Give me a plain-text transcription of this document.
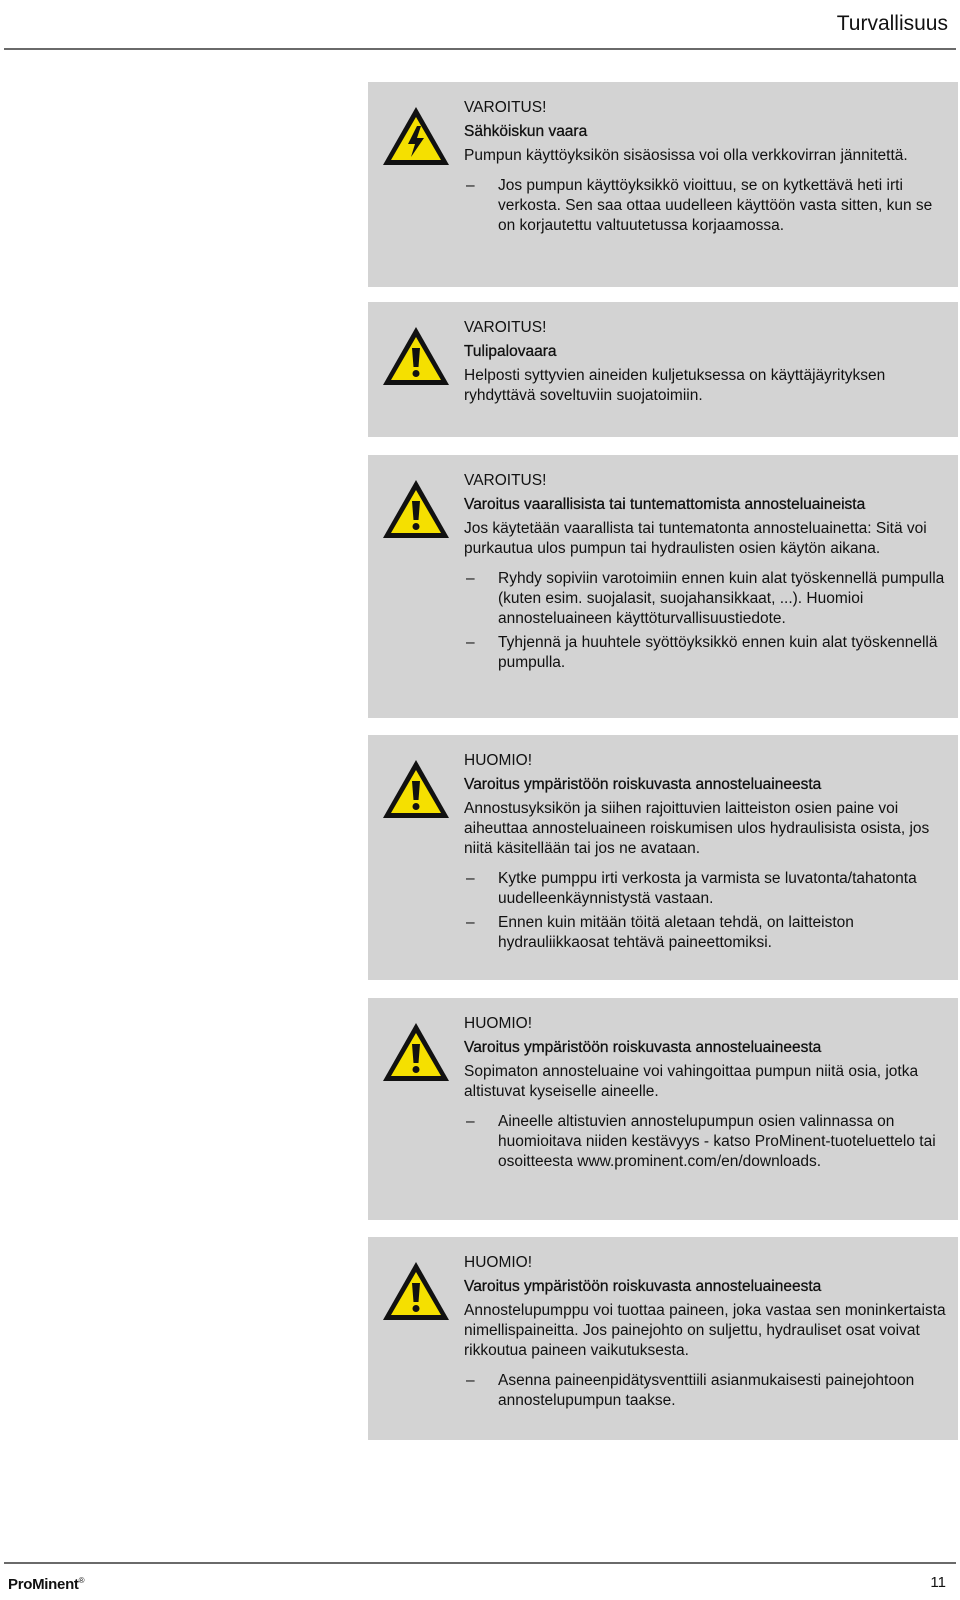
Turvallisuus

VAROITUS!

Sähköiskun vaara

Pumpun käyttöyksikön sisäosissa voi olla verkkovirran jännitettä.

– Jos pumpun käyttöyksikkö vioittuu, se on kytkettävä heti irti verkosta. Sen saa ottaa uudelleen käyttöön vasta sitten, kun se on korjautettu valtuutetussa korjaamossa.

VAROITUS!

Tulipalovaara

Helposti syttyvien aineiden kuljetuksessa on käyttäjäyrityksen ryhdyttävä soveltuviin suojatoimiin.

VAROITUS!

Varoitus vaarallisista tai tuntemattomista annosteluaineista

Jos käytetään vaarallista tai tuntematonta annosteluainetta: Sitä voi purkautua ulos pumpun tai hydraulisten osien käytön aikana.

– Ryhdy sopiviin varotoimiin ennen kuin alat työskennellä pumpulla (kuten esim. suojalasit, suojahansikkaat, ...). Huomioi annosteluaineen käyttöturvallisuustiedote.
– Tyhjennä ja huuhtele syöttöyksikkö ennen kuin alat työskennellä pumpulla.

HUOMIO!

Varoitus ympäristöön roiskuvasta annosteluaineesta

Annostusyksikön ja siihen rajoittuvien laitteiston osien paine voi aiheuttaa annosteluaineen roiskumisen ulos hydraulisista osista, jos niitä käsitellään tai jos ne avataan.

– Kytke pumppu irti verkosta ja varmista se luvatonta/tahatonta uudelleenkäynnistystä vastaan.
– Ennen kuin mitään töitä aletaan tehdä, on laitteiston hydrauliikkaosat tehtävä paineettomiksi.

HUOMIO!

Varoitus ympäristöön roiskuvasta annosteluaineesta

Sopimaton annosteluaine voi vahingoittaa pumpun niitä osia, jotka altistuvat kyseiselle aineelle.

– Aineelle altistuvien annostelupumpun osien valinnassa on huomioitava niiden kestävyys - katso ProMinent-tuoteluettelo tai osoitteesta www.prominent.com/en/downloads.

HUOMIO!

Varoitus ympäristöön roiskuvasta annosteluaineesta

Annostelupumppu voi tuottaa paineen, joka vastaa sen moninkertaista nimellispaineitta. Jos painejohto on suljettu, hydrauliset osat voivat rikkoutua paineen vaikutuksesta.

– Asenna paineenpidätysventtiili asianmukaisesti painejohtoon annostelupumpun taakse.
ProMinent®	11
